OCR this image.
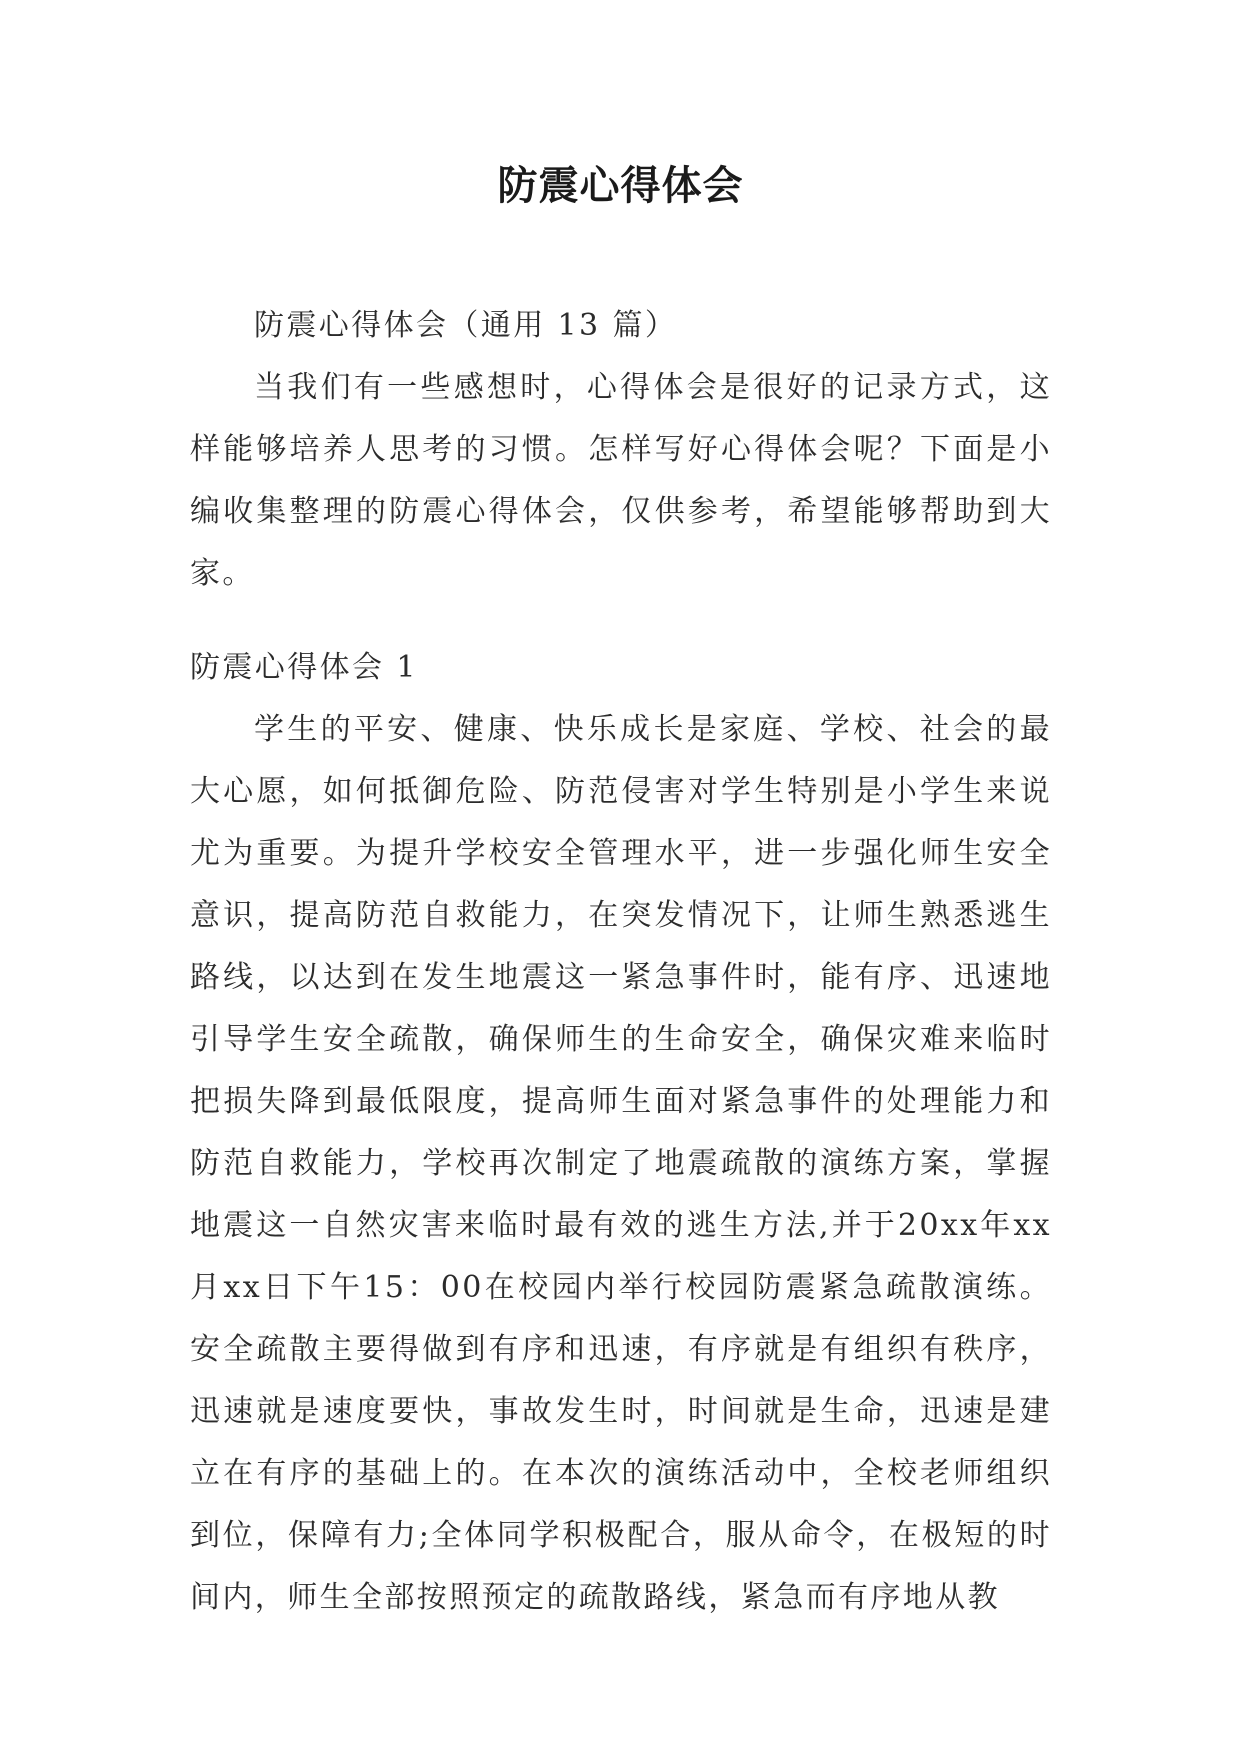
防震心得体会

防震心得体会（通用 13 篇）

当我们有一些感想时，心得体会是很好的记录方式，这样能够培养人思考的习惯。怎样写好心得体会呢？下面是小编收集整理的防震心得体会，仅供参考，希望能够帮助到大家。

防震心得体会 1

学生的平安、健康、快乐成长是家庭、学校、社会的最大心愿，如何抵御危险、防范侵害对学生特别是小学生来说尤为重要。为提升学校安全管理水平，进一步强化师生安全意识，提高防范自救能力，在突发情况下，让师生熟悉逃生路线，以达到在发生地震这一紧急事件时，能有序、迅速地引导学生安全疏散，确保师生的生命安全，确保灾难来临时把损失降到最低限度，提高师生面对紧急事件的处理能力和防范自救能力，学校再次制定了地震疏散的演练方案，掌握地震这一自然灾害来临时最有效的逃生方法,并于20xx年xx月xx日下午15：00在校园内举行校园防震紧急疏散演练。安全疏散主要得做到有序和迅速，有序就是有组织有秩序，迅速就是速度要快，事故发生时，时间就是生命，迅速是建立在有序的基础上的。在本次的演练活动中，全校老师组织到位，保障有力;全体同学积极配合，服从命令，在极短的时间内，师生全部按照预定的疏散路线，紧急而有序地从教
